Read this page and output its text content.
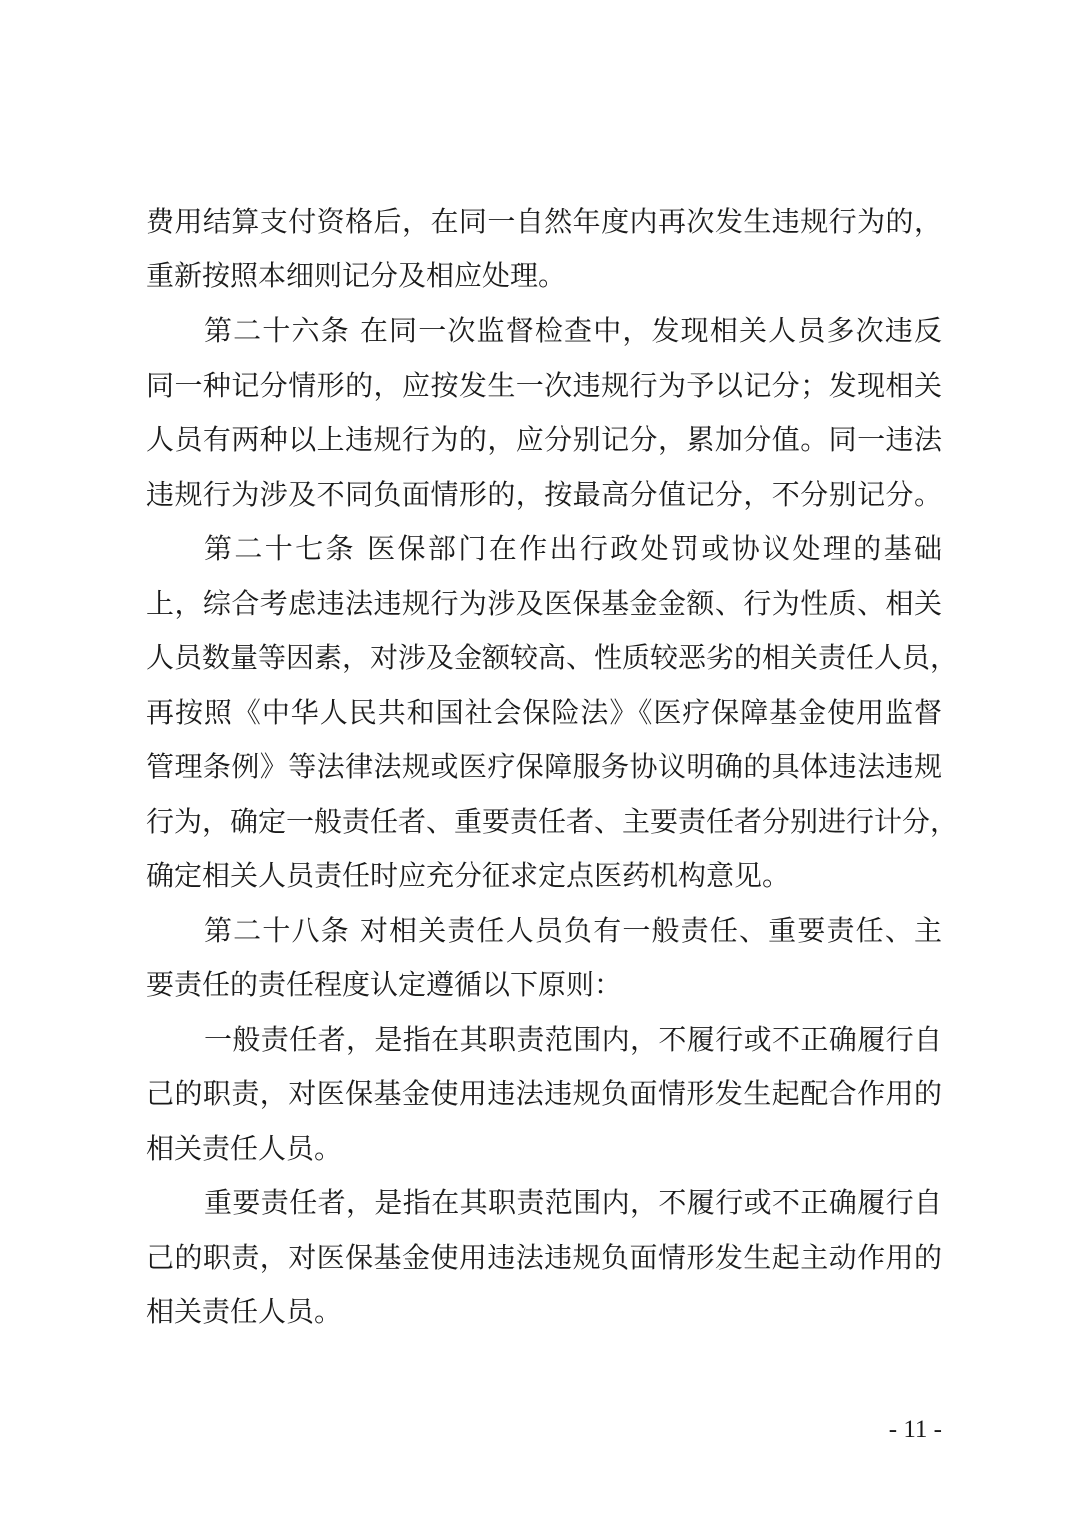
费用结算支付资格后，在同一自然年度内再次发生违规行为的，
重新按照本细则记分及相应处理。
第二十六条 在同一次监督检查中，发现相关人员多次违反
同一种记分情形的，应按发生一次违规行为予以记分；发现相关
人员有两种以上违规行为的，应分别记分，累加分值。同一违法
违规行为涉及不同负面情形的，按最高分值记分，不分别记分。
第二十七条 医保部门在作出行政处罚或协议处理的基础
上，综合考虑违法违规行为涉及医保基金金额、行为性质、相关
人员数量等因素，对涉及金额较高、性质较恶劣的相关责任人员，
再按照《中华人民共和国社会保险法》《医疗保障基金使用监督
管理条例》等法律法规或医疗保障服务协议明确的具体违法违规
行为，确定一般责任者、重要责任者、主要责任者分别进行计分，
确定相关人员责任时应充分征求定点医药机构意见。
第二十八条 对相关责任人员负有一般责任、重要责任、主
要责任的责任程度认定遵循以下原则：
一般责任者，是指在其职责范围内，不履行或不正确履行自
己的职责，对医保基金使用违法违规负面情形发生起配合作用的
相关责任人员。
重要责任者，是指在其职责范围内，不履行或不正确履行自
己的职责，对医保基金使用违法违规负面情形发生起主动作用的
相关责任人员。
- 11 -
